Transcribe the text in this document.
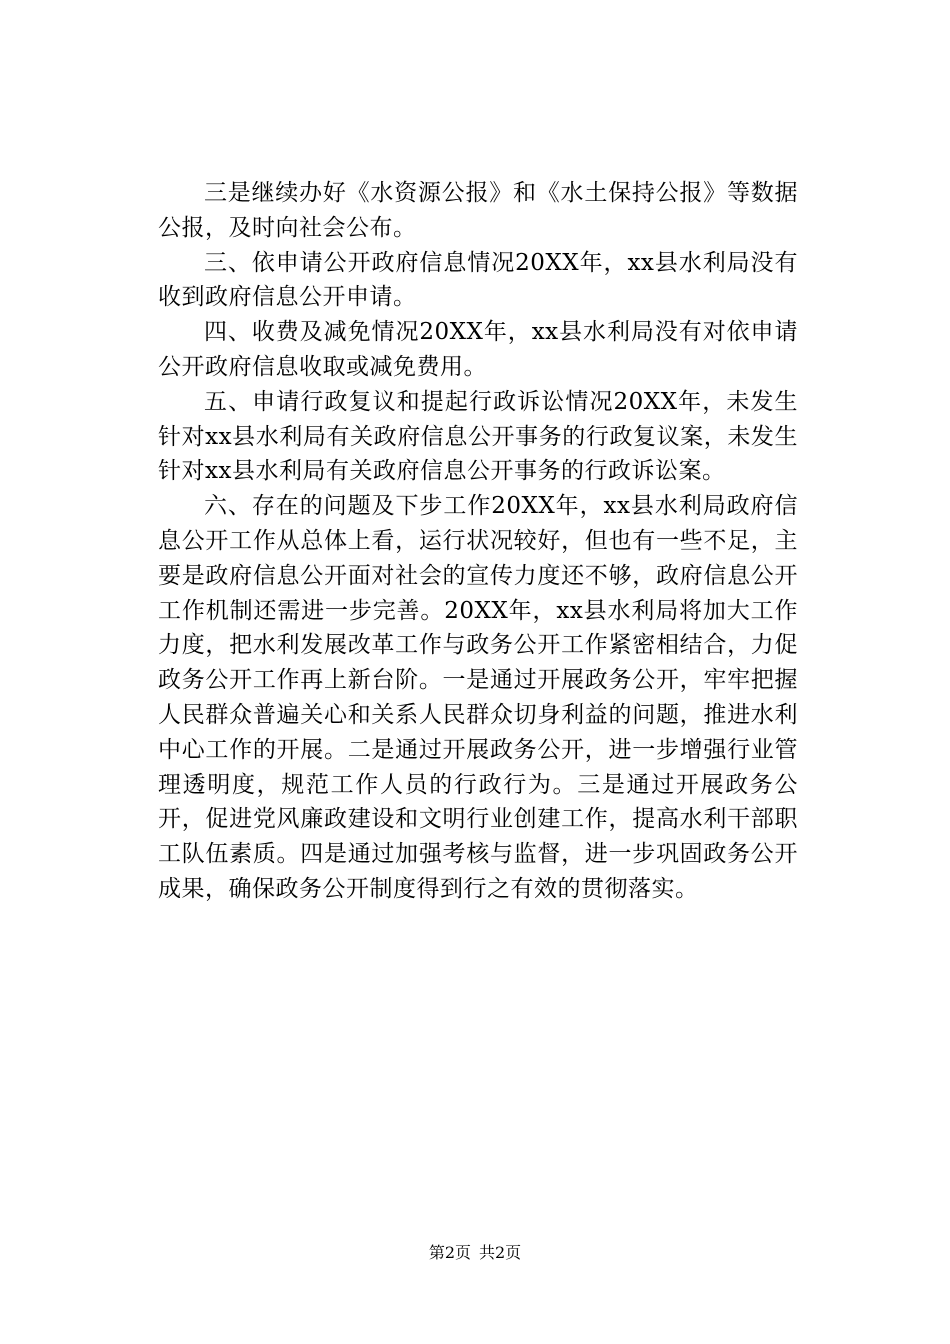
三是继续办好《水资源公报》和《水土保持公报》等数据公报，及时向社会公布。

三、依申请公开政府信息情况20XX年，xx县水利局没有收到政府信息公开申请。

四、收费及减免情况20XX年，xx县水利局没有对依申请公开政府信息收取或减免费用。

五、申请行政复议和提起行政诉讼情况20XX年，未发生针对xx县水利局有关政府信息公开事务的行政复议案，未发生针对xx县水利局有关政府信息公开事务的行政诉讼案。

六、存在的问题及下步工作20XX年，xx县水利局政府信息公开工作从总体上看，运行状况较好，但也有一些不足，主要是政府信息公开面对社会的宣传力度还不够，政府信息公开工作机制还需进一步完善。20XX年，xx县水利局将加大工作力度，把水利发展改革工作与政务公开工作紧密相结合，力促政务公开工作再上新台阶。一是通过开展政务公开，牢牢把握人民群众普遍关心和关系人民群众切身利益的问题，推进水利中心工作的开展。二是通过开展政务公开，进一步增强行业管理透明度，规范工作人员的行政行为。三是通过开展政务公开，促进党风廉政建设和文明行业创建工作，提高水利干部职工队伍素质。四是通过加强考核与监督，进一步巩固政务公开成果，确保政务公开制度得到行之有效的贯彻落实。

第2页 共2页
